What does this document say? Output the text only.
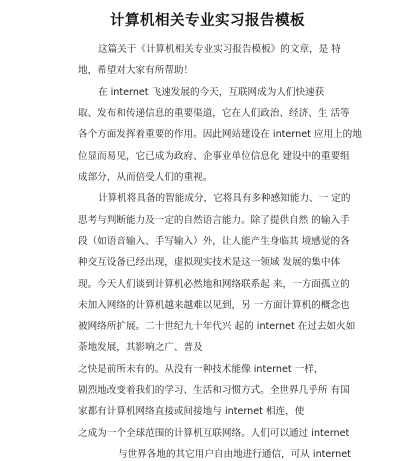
计算机相关专业实习报告模板
这篇关于《计算机相关专业实习报告模板》的文章，是 特
地，希望对大家有所帮助！
在 internet 飞速发展的今天，互联网成为人们快速获
取、发布和传递信息的重要渠道，它在人们政治、经济、生 活等
各个方面发挥着重要的作用。因此网站建设在 internet 应用上的地
位显而易见，它已成为政府、企事业单位信息化 建设中的重要组
成部分，从而倍受人们的重视。
计算机将具备的智能成分，它将具有多种感知能力、一 定的
思考与判断能力及一定的自然语言能力。除了提供自然 的输入手
段（如语音输入、手写输入）外，让人能产生身临其 境感觉的各
种交互设备已经出现，虚拟现实技术是这一领域 发展的集中体
现。今天人们谈到计算机必然地和网络联系起 来，一方面孤立的
未加入网络的计算机越来越难以见到，另 一方面计算机的概念也
被网络所扩展。二十世纪九十年代兴 起的 internet 在过去如火如
荼地发展，其影响之广、普及
之快是前所未有的。从没有一种技术能像 internet 一样，
剧烈地改变着我们的学习、生活和习惯方式。全世界几乎所 有国
家都有计算机网络直接或间接地与 internet 相连，使
之成为一个全球范围的计算机互联网络。人们可以通过 internet
与世界各地的其它用户自由地进行通信，可从 internet
